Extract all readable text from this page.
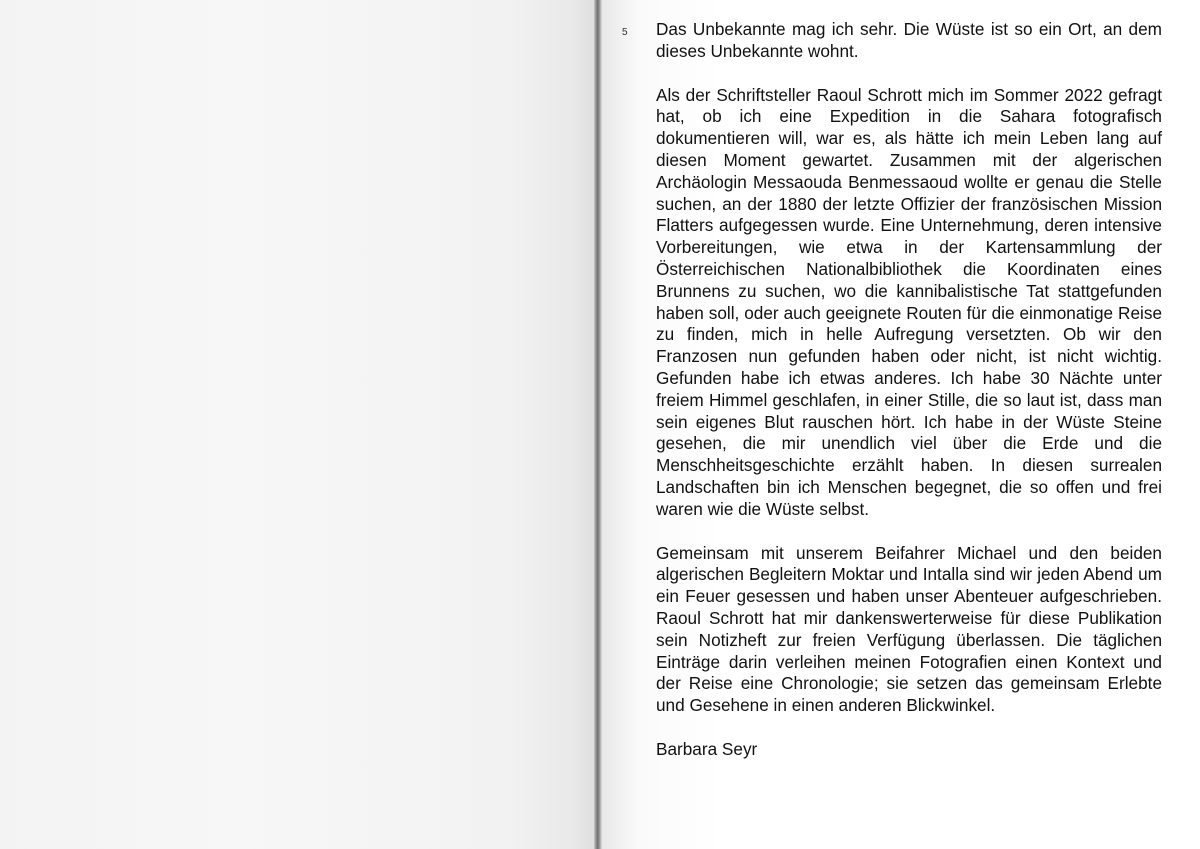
5 Das Unbekannte mag ich sehr. Die Wüste ist so ein Ort, an dem dieses Unbekannte wohnt.

Als der Schriftsteller Raoul Schrott mich im Sommer 2022 gefragt hat, ob ich eine Expedition in die Sahara fotografisch dokumentieren will, war es, als hätte ich mein Leben lang auf diesen Moment gewartet. Zusammen mit der algerischen Archäologin Messaouda Benmessaoud wollte er genau die Stelle suchen, an der 1880 der letzte Offizier der französischen Mission Flatters aufgegessen wurde. Eine Unternehmung, deren intensive Vorbereitungen, wie etwa in der Kartensammlung der Österreichischen Nationalbibliothek die Koordinaten eines Brunnens zu suchen, wo die kannibalistische Tat stattgefunden haben soll, oder auch geeignete Routen für die einmonatige Reise zu finden, mich in helle Aufregung versetzten. Ob wir den Franzosen nun gefunden haben oder nicht, ist nicht wichtig. Gefunden habe ich etwas anderes. Ich habe 30 Nächte unter freiem Himmel geschlafen, in einer Stille, die so laut ist, dass man sein eigenes Blut rauschen hört. Ich habe in der Wüste Steine gesehen, die mir unendlich viel über die Erde und die Menschheitsgeschichte erzählt haben. In diesen surrealen Landschaften bin ich Menschen begegnet, die so offen und frei waren wie die Wüste selbst.

Gemeinsam mit unserem Beifahrer Michael und den beiden algerischen Begleitern Moktar und Intalla sind wir jeden Abend um ein Feuer gesessen und haben unser Abenteuer aufgeschrieben. Raoul Schrott hat mir dankenswerterweise für diese Publikation sein Notizheft zur freien Verfügung überlassen. Die täglichen Einträge darin verleihen meinen Fotografien einen Kontext und der Reise eine Chronologie; sie setzen das gemeinsam Erlebte und Gesehene in einen anderen Blickwinkel.

Barbara Seyr
